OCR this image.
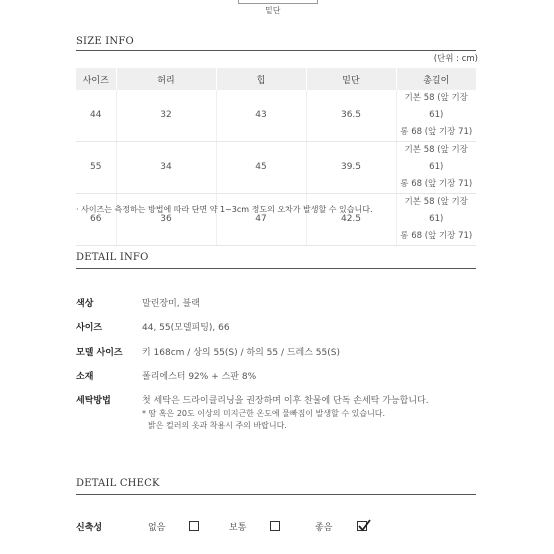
밑단
SIZE INFO
(단위 : cm)
사이즈	허리	힙	밑단	총길이
44	32	43	36.5	기본 58 (앞 기장 61)
롱 68 (앞 기장 71)

55	34	45	39.5	기본 58 (앞 기장 61)
롱 68 (앞 기장 71)

66	36	47	42.5	기본 58 (앞 기장 61)
롱 68 (앞 기장 71)
· 사이즈는 측정하는 방법에 따라 단면 약 1~3cm 정도의 오차가 발생할 수 있습니다.
DETAIL INFO
색상	말린장미, 블랙
사이즈	44, 55(모델피팅), 66
모델 사이즈 키 168cm / 상의 55(S) / 하의 55 / 드레스 55(S)
소재	폴리에스터 92% + 스판 8%
세탁방법	첫 세탁은 드라이클리닝을 권장하며 이후 찬물에 단독 손세탁 가능합니다.
* 땀 혹은 20도 이상의 미지근한 온도에 물빠짐이 발생할 수 있습니다.
밝은 컬러의 옷과 착용시 주의 바랍니다.
DETAIL CHECK
신축성	없음	보통	좋음
